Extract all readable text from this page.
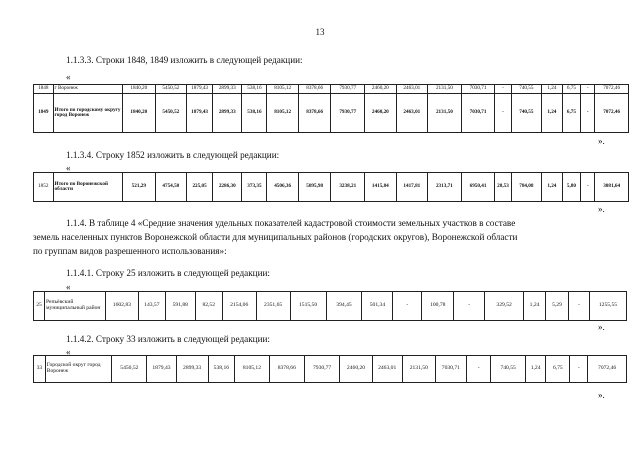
13
1.1.3.3. Строки 1848, 1849 изложить в следующей редакции:
«
1848	г Воронеж	1840,20	5450,52	1879,43	2899,33	538,16	8105,12	8378,66	7930,77	2460,20	2463,01	2131,50	7030,71	-	740,55	1,24	6,75	-	7072,46
1849	Итого по городскому округу город Воронеж	1840,20	5450,52	1879,43	2899,33	538,16	8105,12	8378,66	7930,77	2460,20	2463,01	2131,50	7030,71	-	740,55	1,24	6,75	-	7072,46
».
1.1.3.4. Строку 1852 изложить в следующей редакции:
«
1852	Итого по Воронежской области	521,29	4754,50	225,05	2286,30	373,35	4506,36	5095,98	3238,21	1415,84	1417,81	2313,71	6950,41	28,53	784,08	1,24	5,80	-	3081,64
».
1.1.4. В таблице 4 «Средние значения удельных показателей кадастровой стоимости земельных участков в составе
земель населенных пунктов Воронежской области для муниципальных районов (городских округов), Воронежской области
по группам видов разрешенного использования»:
1.1.4.1. Строку 25 изложить в следующей редакции:
«
25	Репьёвский муниципальный район	1602,83	143,57	591,88	82,52	2154,06	2351,65	1515,50	394,45	501,34	-	100,78	-	329,52	1,24	5,29	-	1255,55
».
1.1.4.2. Строку 33 изложить в следующей редакции:
«
33	Городской округ город Воронеж	5450,52	1879,43	2899,33	538,16	8105,12	8378,66	7930,77	2460,20	2463,01	2131,50	7030,71	-	740,55	1,24	6,75	-	7072,46
».
